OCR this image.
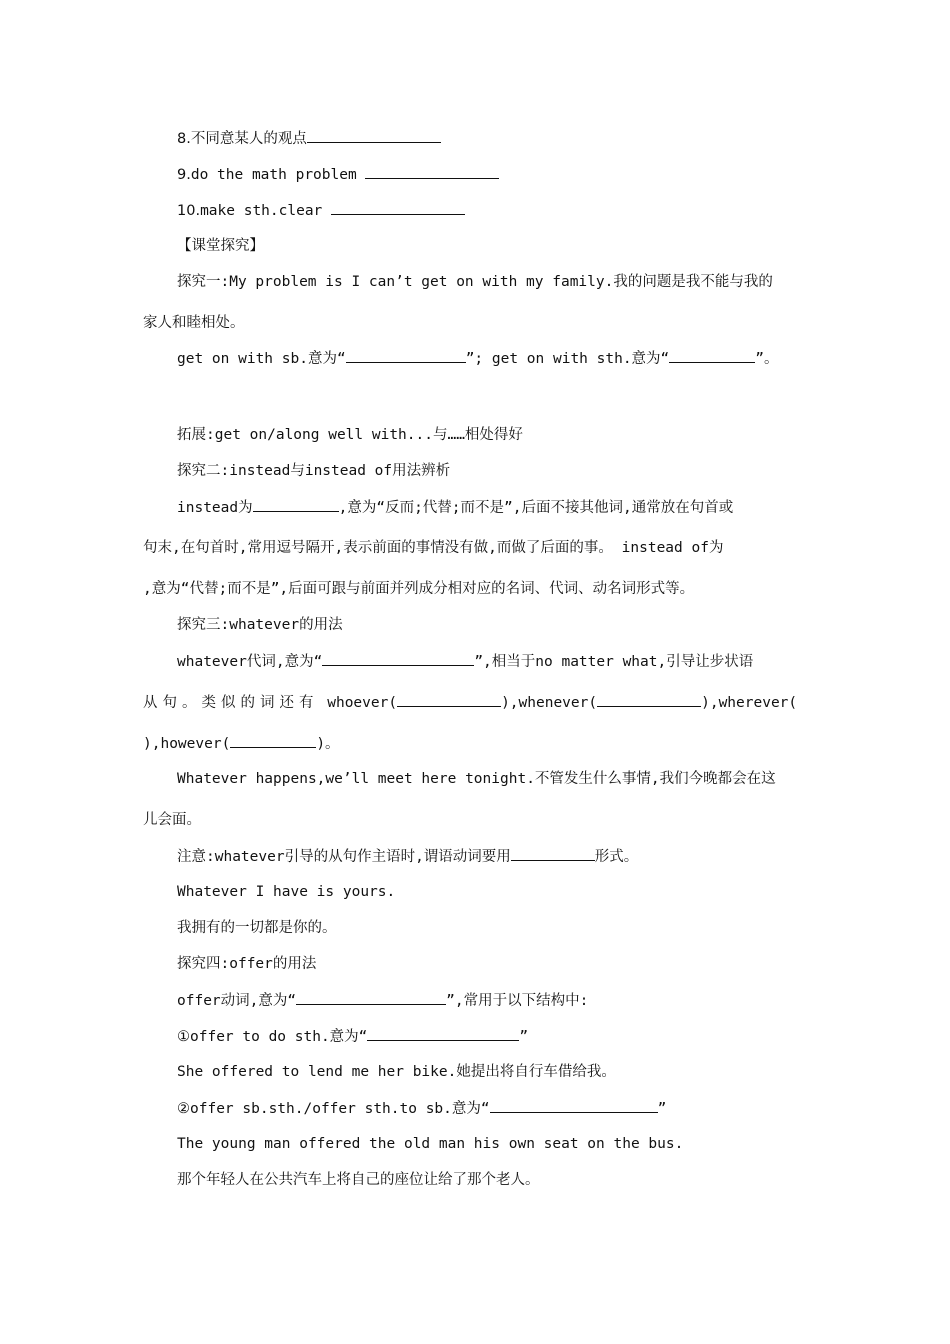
8.不同意某人的观点
9.do the math problem
10.make sth.clear
【课堂探究】
探究一:My problem is I can’t get on with my family.我的问题是我不能与我的
家人和睦相处。
get on with sb.意为“	”; get on with sth.意为“	”。
拓展:get on/along well with...与……相处得好
探究二:instead与instead of用法辨析
instead为	,意为“反而;代替;而不是”,后面不接其他词,通常放在句首或
句末,在句首时,常用逗号隔开,表示前面的事情没有做,而做了后面的事。 instead of为
,意为“代替;而不是”,后面可跟与前面并列成分相对应的名词、代词、动名词形式等。
探究三:whatever的用法
whatever代词,意为“	”,相当于no matter what,引导让步状语
从句。类似的词还有 whoever(	),whenever(	),wherever(
),however(	)。
Whatever happens,we’ll meet here tonight.不管发生什么事情,我们今晚都会在这
儿会面。
注意:whatever引导的从句作主语时,谓语动词要用	形式。
Whatever I have is yours.
我拥有的一切都是你的。
探究四:offer的用法
offer动词,意为“	”,常用于以下结构中:
①offer to do sth.意为“	”
She offered to lend me her bike.她提出将自行车借给我。
②offer sb.sth./offer sth.to sb.意为“	”
The young man offered the old man his own seat on the bus.
那个年轻人在公共汽车上将自己的座位让给了那个老人。
